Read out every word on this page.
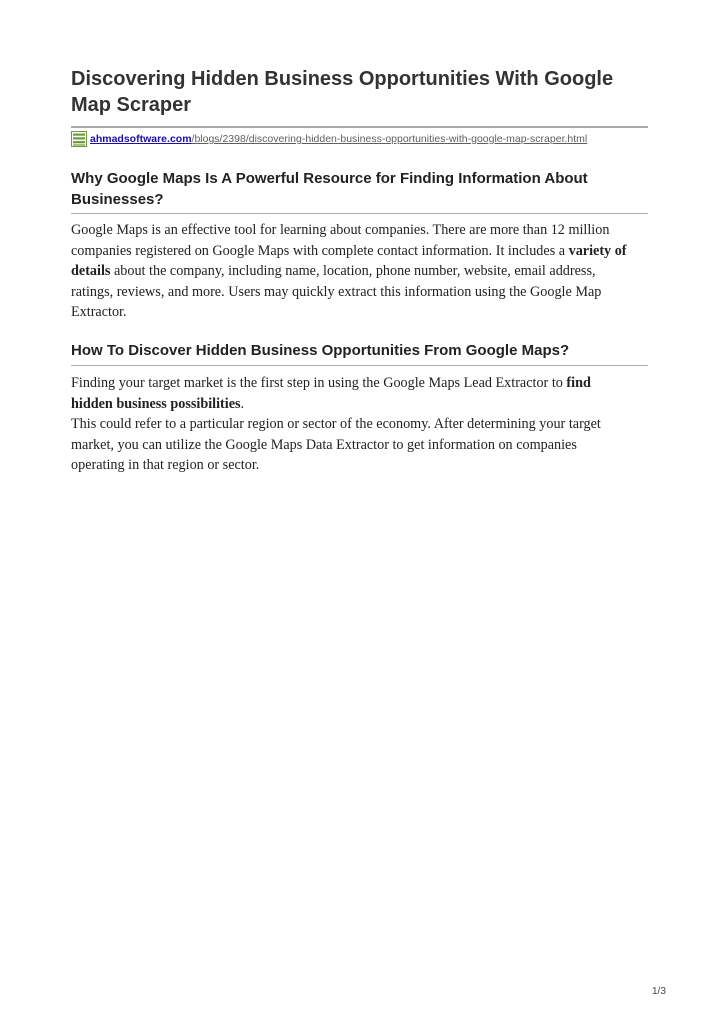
Discovering Hidden Business Opportunities With Google Map Scraper
ahmadsoftware.com /blogs/2398/discovering-hidden-business-opportunities-with-google-map-scraper.html
Why Google Maps Is A Powerful Resource for Finding Information About Businesses?

Google Maps is an effective tool for learning about companies. There are more than 12 million companies registered on Google Maps with complete contact information. It includes a variety of details about the company, including name, location, phone number, website, email address, ratings, reviews, and more. Users may quickly extract this information using the Google Map Extractor.

How To Discover Hidden Business Opportunities From Google Maps?

Finding your target market is the first step in using the Google Maps Lead Extractor to find hidden business possibilities.
This could refer to a particular region or sector of the economy. After determining your target market, you can utilize the Google Maps Data Extractor to get information on companies operating in that region or sector.

1/3
